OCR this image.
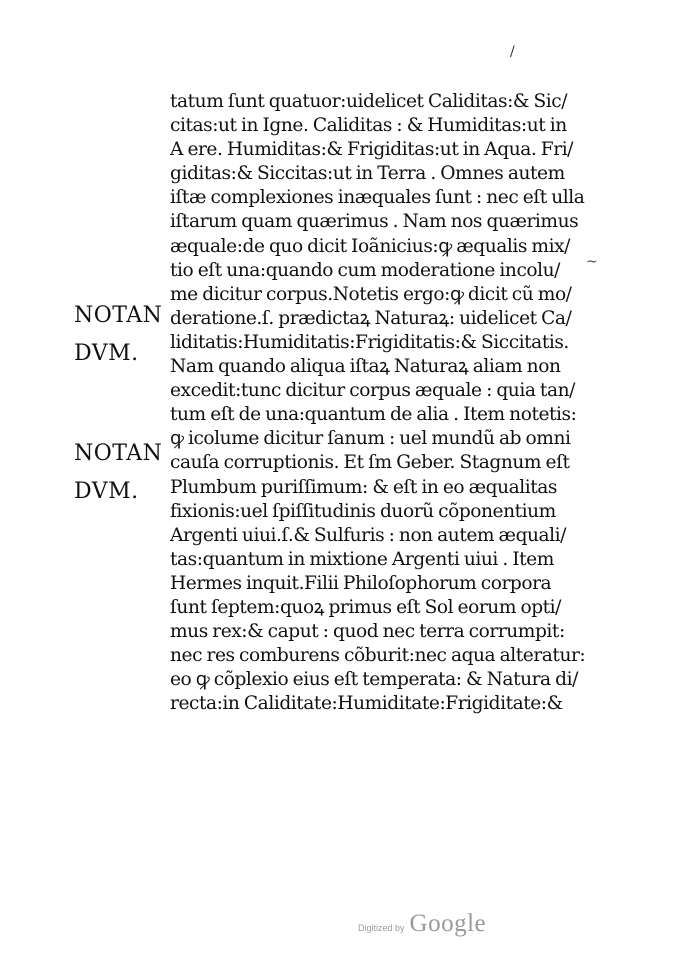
/
~
NOTAN
DVM.
NOTAN
DVM.
tatum ſunt quatuor:uidelicet Caliditas:& Sic/
citas:ut in Igne. Caliditas : & Humiditas:ut in
A ere. Humiditas:& Frigiditas:ut in Aqua. Fri/
giditas:& Siccitas:ut in Terra . Omnes autem
iſtæ complexiones inæquales ſunt : nec eſt ulla
iſtarum quam quærimus . Nam nos quærimus
æquale:de quo dicit Ioãnicius:ꝙ æqualis mix/
tio eſt una:quando cum moderatione incolu/
me dicitur corpus.Notetis ergo:ꝙ dicit cũ mo/
deratione.ſ. prædictaꝝ Naturaꝝ: uidelicet Ca/
liditatis:Humiditatis:Frigiditatis:& Siccitatis.
Nam quando aliqua iſtaꝝ Naturaꝝ aliam non
excedit:tunc dicitur corpus æquale : quia tan/
tum eſt de una:quantum de alia . Item notetis:
ꝙ icolume dicitur ſanum : uel mundũ ab omni
cauſa corruptionis. Et ſm Geber. Stagnum eſt
Plumbum puriſſimum: & eſt in eo æqualitas
fixionis:uel ſpiſſitudinis duorũ cõponentium
Argenti uiui.ſ.& Sulfuris : non autem æquali/
tas:quantum in mixtione Argenti uiui . Item
Hermes inquit.Filii Philoſophorum corpora
ſunt ſeptem:quoꝝ primus eſt Sol eorum opti/
mus rex:& caput : quod nec terra corrumpit:
nec res comburens cõburit:nec aqua alteratur:
eo ꝙ cõplexio eius eſt temperata: & Natura di/
recta:in Caliditate:Humiditate:Frigiditate:&
Digitized by Google
